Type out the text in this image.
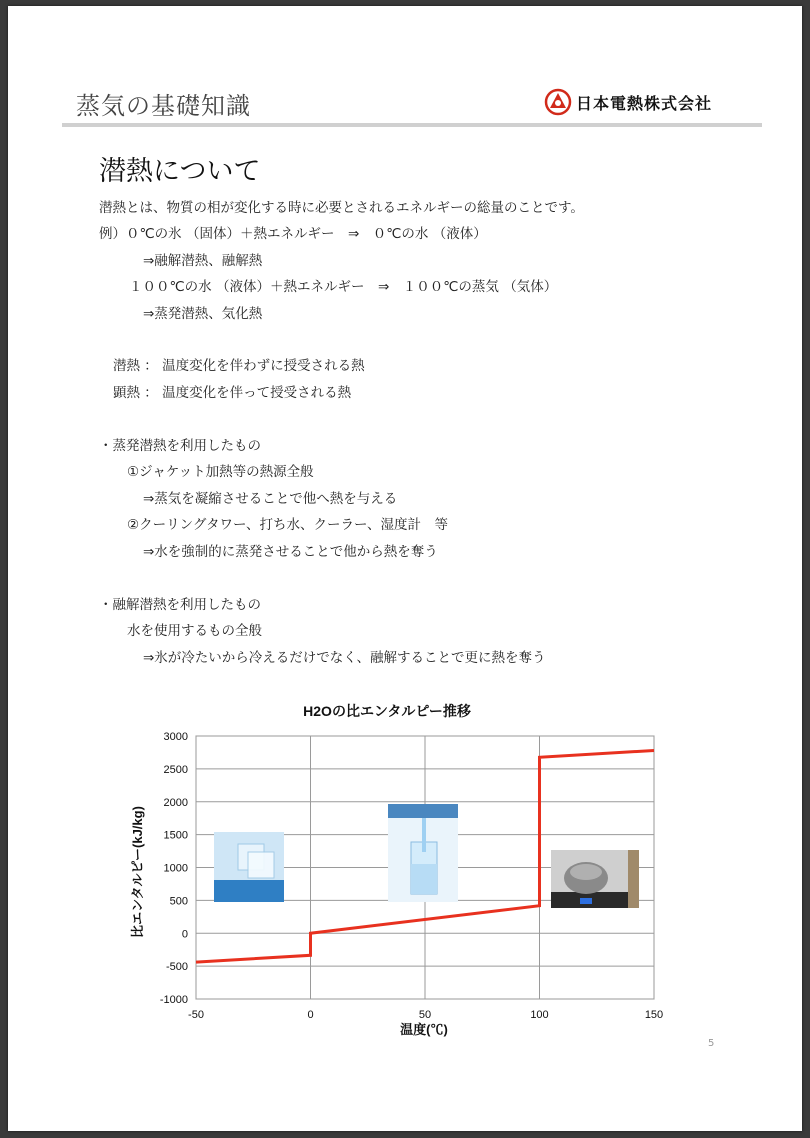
蒸気の基礎知識	日本電熱株式会社
潜熱について
潜熱とは、物質の相が変化する時に必要とされるエネルギーの総量のことです。
例）０℃の氷 （固体）＋熱エネルギー　⇒　０℃の水 （液体）
⇒融解潜熱、融解熱
１００℃の水 （液体）＋熱エネルギー　⇒　１００℃の蒸気 （気体）
⇒蒸発潜熱、気化熱
潜熱 ： 温度変化を伴わずに授受される熱
顕熱 ： 温度変化を伴って授受される熱
・蒸発潜熱を利用したもの
①ジャケット加熱等の熱源全般
⇒蒸気を凝縮させることで他へ熱を与える
②クーリングタワー、打ち水、クーラー、湿度計　等
⇒水を強制的に蒸発させることで他から熱を奪う
・融解潜熱を利用したもの
水を使用するもの全般
⇒氷が冷たいから冷えるだけでなく、融解することで更に熱を奪う
H2Oの比エンタルピー推移
-1000
-500
0
500
1000
1500
2000
2500
3000
-50	0	50	100	150
比エンタルピー(kJ/kg)
温度(℃)
5
